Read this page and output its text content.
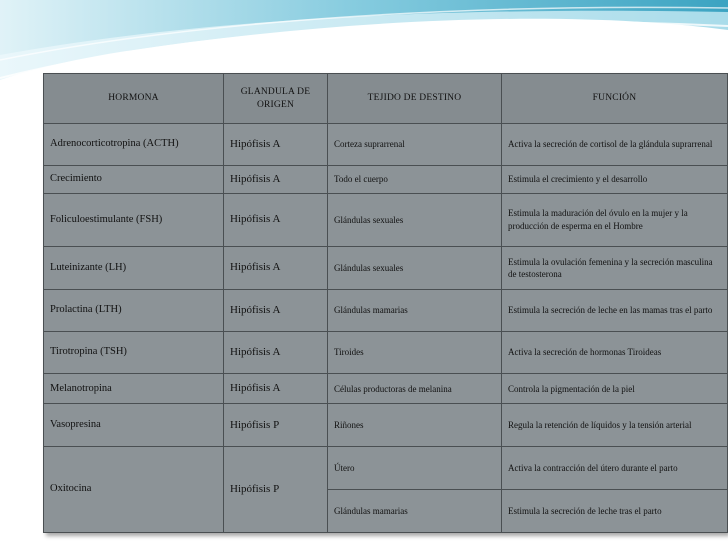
HORMONA	GLANDULA DE ORIGEN	TEJIDO DE DESTINO	FUNCIÓN
Adrenocorticotropina (ACTH)	Hipófisis A	Corteza suprarrenal	Activa la secreción de cortisol de la glándula suprarrenal
Crecimiento	Hipófisis A	Todo el cuerpo	Estimula el crecimiento y el desarrollo
Foliculoestimulante (FSH)	Hipófisis A	Glándulas sexuales	Estimula la maduración del óvulo en la mujer y la producción de esperma en el Hombre
Luteinizante (LH)	Hipófisis A	Glándulas sexuales	Estimula la ovulación femenina y la secreción masculina de testosterona
Prolactina (LTH)	Hipófisis A	Glándulas mamarias	Estimula la secreción de leche en las mamas tras el parto
Tirotropina (TSH)	Hipófisis A	Tiroides	Activa la secreción de hormonas Tiroideas
Melanotropina	Hipófisis A	Células productoras de melanina	Controla la pigmentación de la piel
Vasopresina	Hipófisis P	Riñones	Regula la retención de líquidos y la tensión arterial
Oxitocina	Hipófisis P	Útero	Activa la contracción del útero durante el parto
		Glándulas mamarias	Estimula la secreción de leche tras el parto
